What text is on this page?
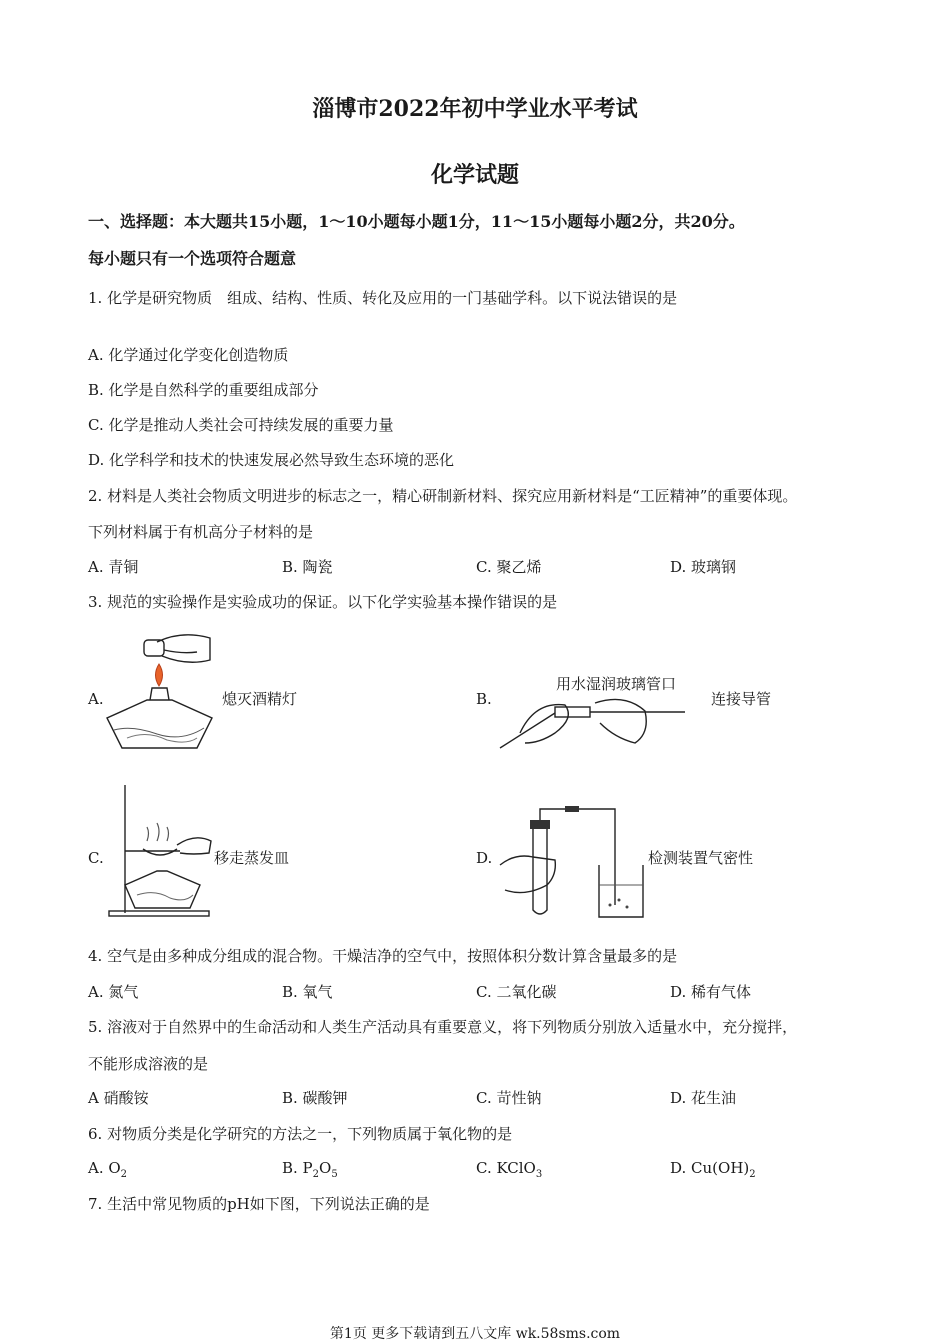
淄博市2022年初中学业水平考试
化学试题
一、选择题：本大题共15小题，1～10小题每小题1分，11～15小题每小题2分，共20分。
每小题只有一个选项符合题意
1. 化学是研究物质　组成、结构、性质、转化及应用的一门基础学科。以下说法错误的是
A. 化学通过化学变化创造物质
B. 化学是自然科学的重要组成部分
C. 化学是推动人类社会可持续发展的重要力量
D. 化学科学和技术的快速发展必然导致生态环境的恶化
2. 材料是人类社会物质文明进步的标志之一，精心研制新材料、探究应用新材料是“工匠精神”的重要体现。
下列材料属于有机高分子材料的是
A. 青铜	B. 陶瓷	C. 聚乙烯	D. 玻璃钢
3. 规范的实验操作是实验成功的保证。以下化学实验基本操作错误的是
A.	熄灭酒精灯
用水湿润玻璃管口
B.	连接导管
C.	移走蒸发皿	D.	检测装置气密性
4. 空气是由多种成分组成的混合物。干燥洁净的空气中，按照体积分数计算含量最多的是
A. 氮气	B. 氧气	C. 二氧化碳	D. 稀有气体
5. 溶液对于自然界中的生命活动和人类生产活动具有重要意义，将下列物质分别放入适量水中，充分搅拌，
不能形成溶液的是
A 硝酸铵	B. 碳酸钾	C. 苛性钠	D. 花生油
6. 对物质分类是化学研究的方法之一，下列物质属于氧化物的是
A. $O_2$	B. $P_2O_5$	C. KClO$_3$	D. $Cu(OH)_2$
7. 生活中常见物质的pH如下图，下列说法正确的是
第1页 更多下载请到五八文库 wk.58sms.com
